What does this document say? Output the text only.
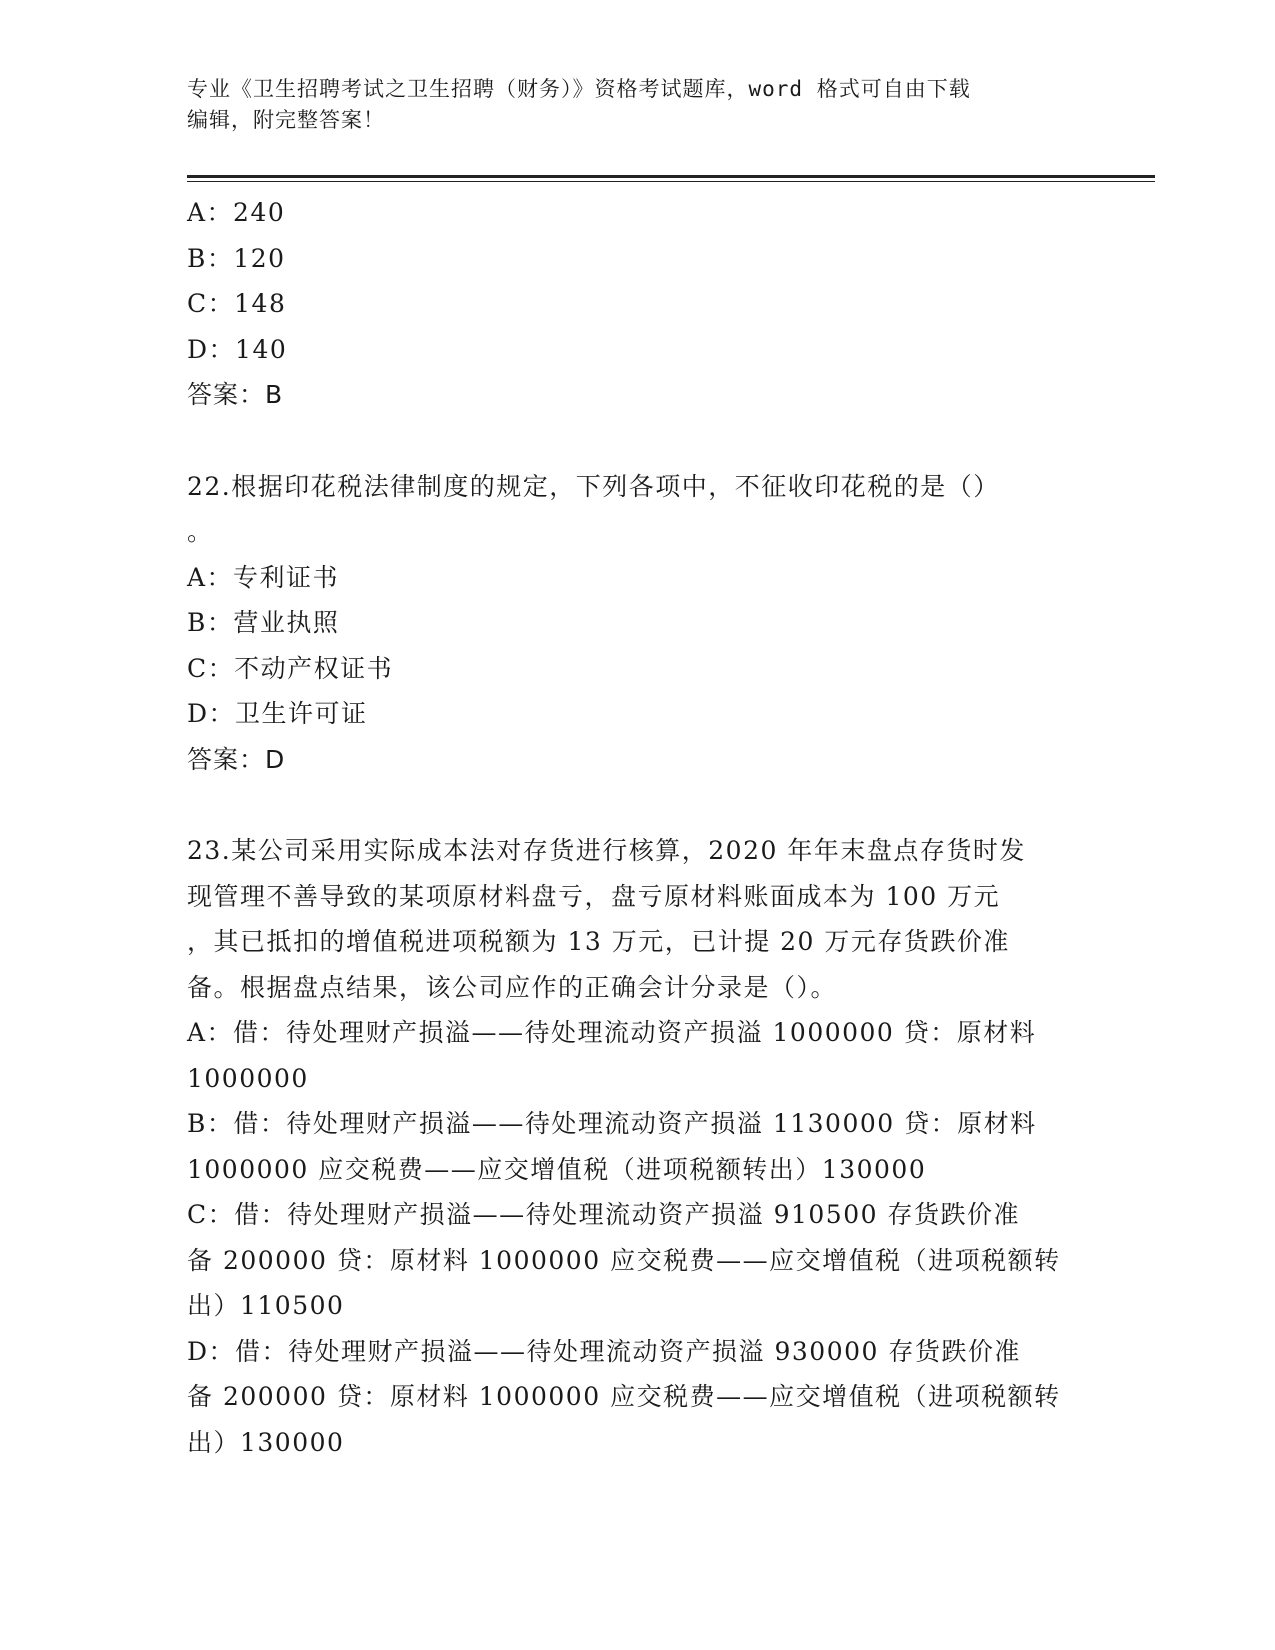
专业《卫生招聘考试之卫生招聘（财务）》资格考试题库，word 格式可自由下载
编辑，附完整答案！
A：240
B：120
C：148
D：140
答案：B
22.根据印花税法律制度的规定，下列各项中，不征收印花税的是（）
。
A：专利证书
B：营业执照
C：不动产权证书
D：卫生许可证
答案：D
23.某公司采用实际成本法对存货进行核算，2020 年年末盘点存货时发
现管理不善导致的某项原材料盘亏，盘亏原材料账面成本为 100 万元
，其已抵扣的增值税进项税额为 13 万元，已计提 20 万元存货跌价准
备。根据盘点结果，该公司应作的正确会计分录是（）。
A：借：待处理财产损溢——待处理流动资产损溢 1000000 贷：原材料
1000000
B：借：待处理财产损溢——待处理流动资产损溢 1130000 贷：原材料
1000000 应交税费——应交增值税（进项税额转出）130000
C：借：待处理财产损溢——待处理流动资产损溢 910500 存货跌价准
备 200000 贷：原材料 1000000 应交税费——应交增值税（进项税额转
出）110500
D：借：待处理财产损溢——待处理流动资产损溢 930000 存货跌价准
备 200000 贷：原材料 1000000 应交税费——应交增值税（进项税额转
出）130000
